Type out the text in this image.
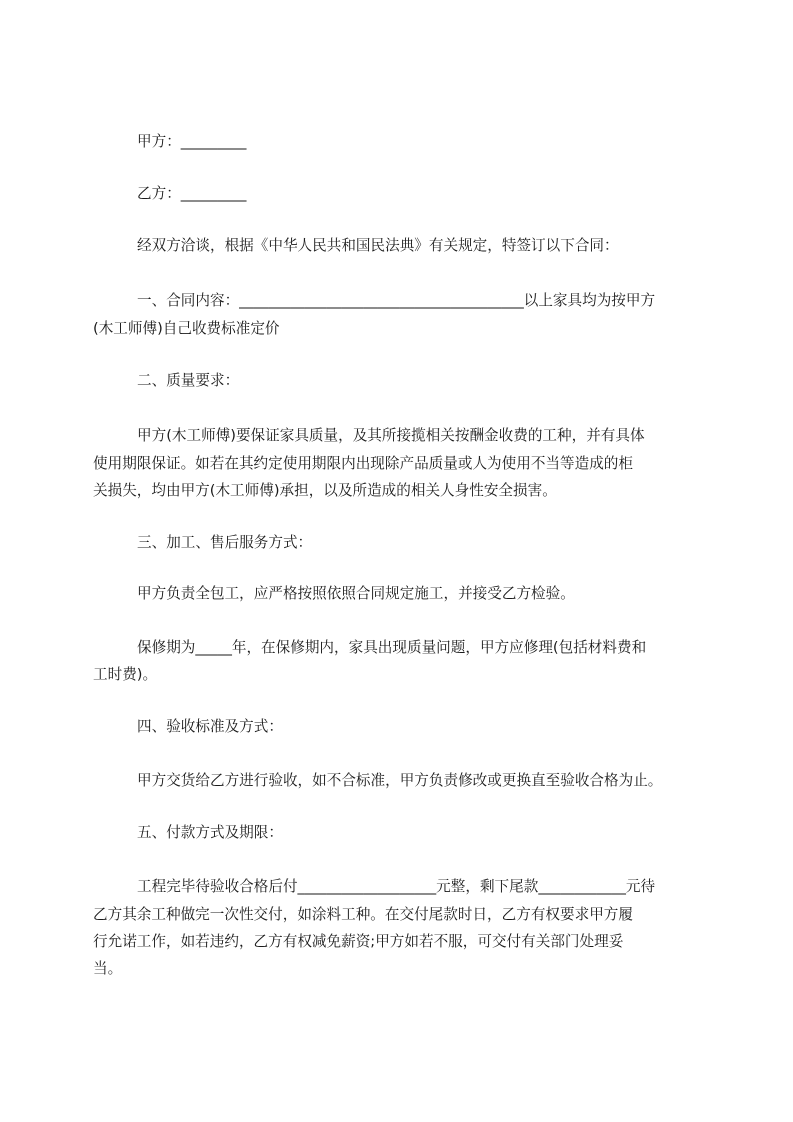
甲方：_________

乙方：_________

经双方洽谈，根据《中华人民共和国民法典》有关规定，特签订以下合同：

一、合同内容：_______________________________________以上家具均为按甲方

(木工师傅)自己收费标准定价

二、质量要求：

甲方(木工师傅)要保证家具质量，及其所接揽相关按酬金收费的工种，并有具体

使用期限保证。如若在其约定使用期限内出现除产品质量或人为使用不当等造成的柜

关损失，均由甲方(木工师傅)承担，以及所造成的相关人身性安全损害。

三、加工、售后服务方式：

甲方负责全包工，应严格按照依照合同规定施工，并接受乙方检验。

保修期为_____年，在保修期内，家具出现质量问题，甲方应修理(包括材料费和

工时费)。

四、验收标准及方式：

甲方交货给乙方进行验收，如不合标准，甲方负责修改或更换直至验收合格为止。

五、付款方式及期限：

工程完毕待验收合格后付___________________元整，剩下尾款____________元待

乙方其余工种做完一次性交付，如涂料工种。在交付尾款时日，乙方有权要求甲方履

行允诺工作，如若违约，乙方有权减免薪资;甲方如若不服，可交付有关部门处理妥

当。
